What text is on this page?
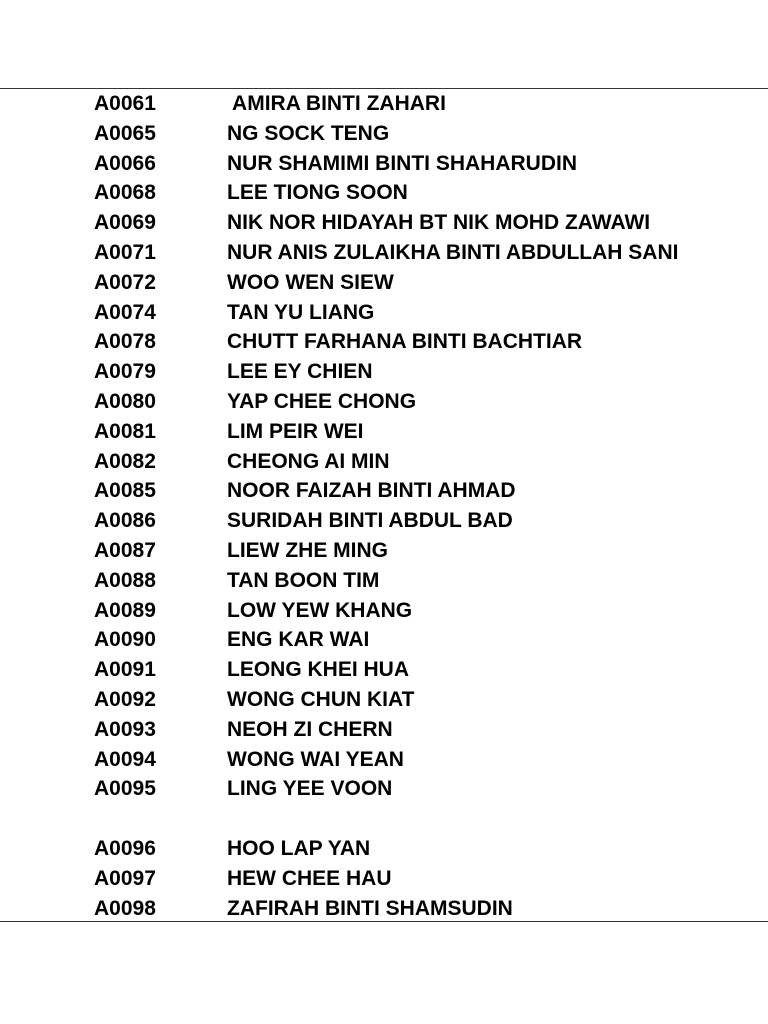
A0061	AMIRA BINTI ZAHARI
A0065	NG SOCK TENG
A0066	NUR SHAMIMI BINTI SHAHARUDIN
A0068	LEE TIONG SOON
A0069	NIK NOR HIDAYAH BT NIK MOHD ZAWAWI
A0071	NUR ANIS ZULAIKHA BINTI ABDULLAH SANI
A0072	WOO WEN SIEW
A0074	TAN YU LIANG
A0078	CHUTT FARHANA BINTI BACHTIAR
A0079	LEE EY CHIEN
A0080	YAP CHEE CHONG
A0081	LIM PEIR WEI
A0082	CHEONG AI MIN
A0085	NOOR FAIZAH BINTI AHMAD
A0086	SURIDAH BINTI ABDUL BAD
A0087	LIEW ZHE MING
A0088	TAN BOON TIM
A0089	LOW YEW KHANG
A0090	ENG KAR WAI
A0091	LEONG KHEI HUA
A0092	WONG CHUN KIAT
A0093	NEOH ZI CHERN
A0094	WONG WAI YEAN
A0095	LING YEE VOON
A0096	HOO LAP YAN
A0097	HEW CHEE HAU
A0098	ZAFIRAH BINTI SHAMSUDIN
